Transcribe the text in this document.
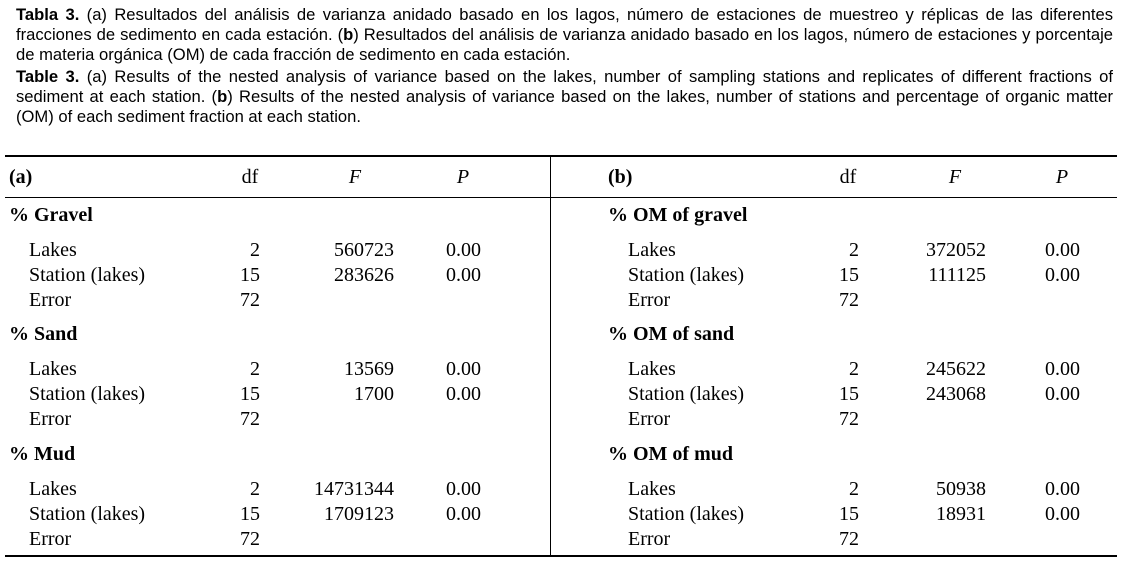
Tabla 3. (a) Resultados del análisis de varianza anidado basado en los lagos, número de estaciones de muestreo y réplicas de las diferentes fracciones de sedimento en cada estación. (b) Resultados del análisis de varianza anidado basado en los lagos, número de estaciones y porcentaje de materia orgánica (OM) de cada fracción de sedimento en cada estación.

Table 3. (a) Results of the nested analysis of variance based on the lakes, number of sampling stations and replicates of different fractions of sediment at each station. (b) Results of the nested analysis of variance based on the lakes, number of stations and percentage of organic matter (OM) of each sediment fraction at each station.

(a)	df	F	P	(b)	df	F	P
% Gravel
Lakes	2	560723	0.00
Station (lakes)	15	283626	0.00
Error	72
% Sand
Lakes	2	13569	0.00
Station (lakes)	15	1700	0.00
Error	72
% Mud
Lakes	2	14731344	0.00
Station (lakes)	15	1709123	0.00
Error	72
% OM of gravel
Lakes	2	372052	0.00
Station (lakes)	15	111125	0.00
Error	72
% OM of sand
Lakes	2	245622	0.00
Station (lakes)	15	243068	0.00
Error	72
% OM of mud
Lakes	2	50938	0.00
Station (lakes)	15	18931	0.00
Error	72
